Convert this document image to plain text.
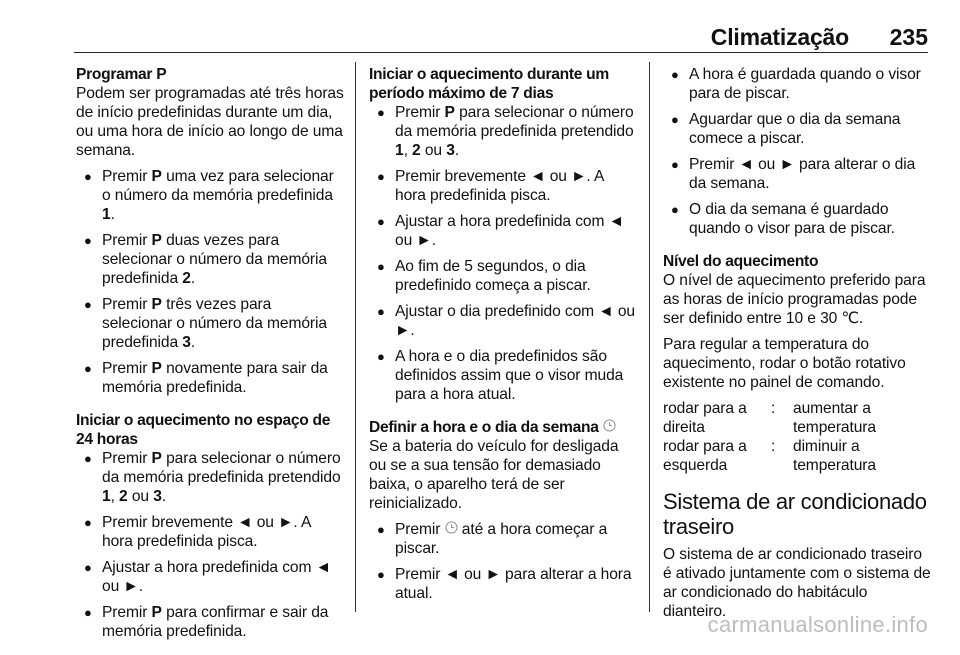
Climatização 235
Programar P

Podem ser programadas até três horas de início predefinidas durante um dia, ou uma hora de início ao longo de uma semana.

● Premir P uma vez para selecionar o número da memória predefinida 1.
● Premir P duas vezes para selecionar o número da memória predefinida 2.
● Premir P três vezes para selecionar o número da memória predefinida 3.
● Premir P novamente para sair da memória predefinida.
Iniciar o aquecimento no espaço de 24 horas
● Premir P para selecionar o número da memória predefinida pretendido 1, 2 ou 3.
● Premir brevemente ◄ ou ►. A hora predefinida pisca.
● Ajustar a hora predefinida com ◄ ou ►.
● Premir P para confirmar e sair da memória predefinida.
Iniciar o aquecimento durante um período máximo de 7 dias
● Premir P para selecionar o número da memória predefinida pretendido 1, 2 ou 3.
● Premir brevemente ◄ ou ►. A hora predefinida pisca.
● Ajustar a hora predefinida com ◄ ou ►.
● Ao fim de 5 segundos, o dia predefinido começa a piscar.
● Ajustar o dia predefinido com ◄ ou ►.
● A hora e o dia predefinidos são definidos assim que o visor muda para a hora atual.
Definir a hora e o dia da semana

Se a bateria do veículo for desligada ou se a sua tensão for demasiado baixa, o aparelho terá de ser reinicializado.

● Premir  até a hora começar a piscar.
● Premir ◄ ou ► para alterar a hora atual.
● A hora é guardada quando o visor para de piscar.
● Aguardar que o dia da semana comece a piscar.
● Premir ◄ ou ► para alterar o dia da semana.
● O dia da semana é guardado quando o visor para de piscar.
Nível do aquecimento

O nível de aquecimento preferido para as horas de início programadas pode ser definido entre 10 e 30 ℃.

Para regular a temperatura do aquecimento, rodar o botão rotativo existente no painel de comando.

rodar para a direita
:	aumentar a temperatura
rodar para a esquerda
:	diminuir a temperatura
Sistema de ar condicionado traseiro

O sistema de ar condicionado traseiro é ativado juntamente com o sistema de ar condicionado do habitáculo dianteiro.

carmanualsonline.info
